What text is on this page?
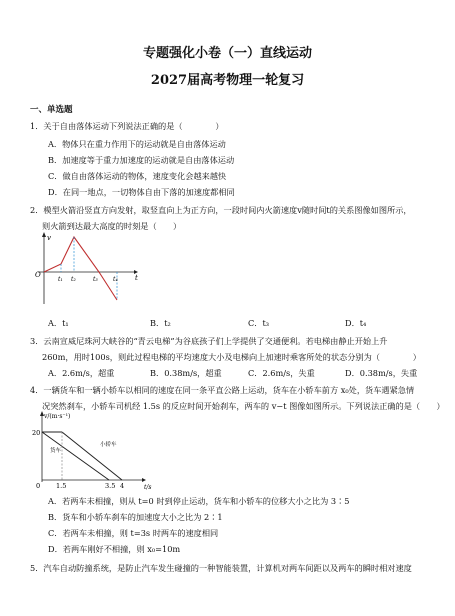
专题强化小卷（一）直线运动
2027届高考物理一轮复习
一、单选题
1．关于自由落体运动下列说法正确的是（　　　　）
A．物体只在重力作用下的运动就是自由落体运动
B．加速度等于重力加速度的运动就是自由落体运动
C．做自由落体运动的物体，速度变化会越来越快
D．在同一地点，一切物体自由下落的加速度都相同
2．模型火箭沿竖直方向发射，取竖直向上为正方向，一段时间内火箭速度v随时间t的关系图像如图所示，
则火箭到达最大高度的时刻是（　　）
v
t
O
t₁ t₂	t₃	t₄
A．t₁	B．t₂	C．t₃	D．t₄
3．云南宣威尼珠河大峡谷的“青云电梯”为谷底孩子们上学提供了交通便利。若电梯由静止开始上升
260m，用时100s，则此过程电梯的平均速度大小及电梯向上加速时乘客所处的状态分别为（　　　　）
A．2.6m/s，超重	B．0.38m/s，超重	C．2.6m/s，失重	D．0.38m/s，失重
4．一辆货车和一辆小轿车以相同的速度在同一条平直公路上运动，货车在小轿车前方 x₀处，货车遇紧急情
况突然刹车，小轿车司机经 1.5s 的反应时间开始刹车，两车的 v−t 图像如图所示。下列说法正确的是（　　）
v/(m·s⁻¹)
t/s
20
0 1.5	3.5 4
货车
小轿车
A．若两车未相撞，则从 t=0 时到停止运动，货车和小轿车的位移大小之比为 3∶5
B．货车和小轿车刹车的加速度大小之比为 2∶1
C．若两车未相撞，则 t=3s 时两车的速度相同
D．若两车刚好不相撞，则 x₀=10m
5．汽车自动防撞系统，是防止汽车发生碰撞的一种智能装置，计算机对两车间距以及两车的瞬时相对速度
